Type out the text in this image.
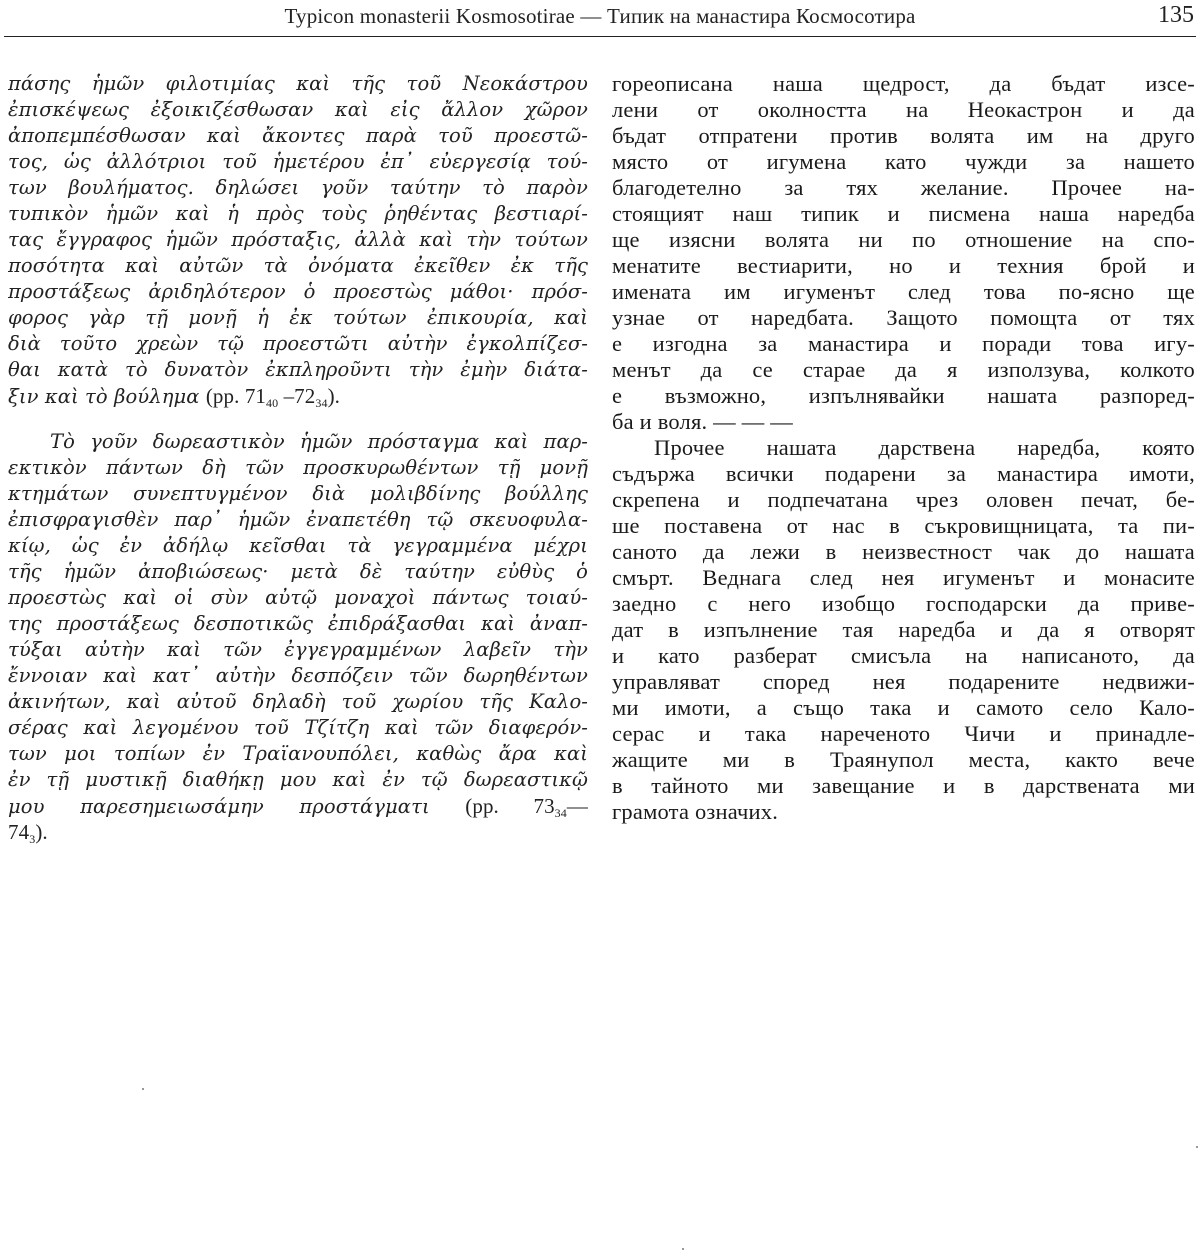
Typicon monasterii Kosmosotirae — Типик на манастира Космосотира	135
πάσης ἡμῶν φιλοτιμίας καὶ τῆς τοῦ Νεοκάστρου
ἐπισκέψεως ἐξοικιζέσθωσαν καὶ εἰς ἄλλον χῶρον
ἀποπεμπέσθωσαν καὶ ἄκοντες παρὰ τοῦ προεστῶ-
τος, ὡς ἀλλότριοι τοῦ ἡμετέρου ἐπ᾿ εὐεργεσίᾳ τού-
των βουλήματος. δηλώσει γοῦν ταύτην τὸ παρὸν
τυπικὸν ἡμῶν καὶ ἡ πρὸς τοὺς ῥηθέντας βεστιαρί-
τας ἔγγραφος ἡμῶν πρόσταξις, ἀλλὰ καὶ τὴν τούτων
ποσότητα καὶ αὐτῶν τὰ ὀνόματα ἐκεῖθεν ἐκ τῆς
προστάξεως ἀριδηλότερον ὁ προεστὼς μάθοι· πρόσ-
φορος γὰρ τῇ μονῇ ἡ ἐκ τούτων ἐπικουρία, καὶ
διὰ τοῦτο χρεὼν τῷ προεστῶτι αὐτὴν ἐγκολπίζεσ-
θαι κατὰ τὸ δυνατὸν ἐκπληροῦντι τὴν ἐμὴν διάτα-
ξιν καὶ τὸ βούλημα (pp. $71_{40}$ $-72_{34}$).
Τὸ γοῦν δωρεαστικὸν ἡμῶν πρόσταγμα καὶ παρ-
εκτικὸν πάντων δὴ τῶν προσκυρωθέντων τῇ μονῇ
κτημάτων συνεπτυγμένον διὰ μολιβδίνης βούλλης
ἐπισφραγισθὲν παρ᾿ ἡμῶν ἐναπετέθη τῷ σκευοφυλα-
κίῳ, ὡς ἐν ἀδήλῳ κεῖσθαι τὰ γεγραμμένα μέχρι
τῆς ἡμῶν ἀποβιώσεως· μετὰ δὲ ταύτην εὐθὺς ὁ
προεστὼς καὶ οἱ σὺν αὐτῷ μοναχοὶ πάντως τοιαύ-
της προστάξεως δεσποτικῶς ἐπιδράξασθαι καὶ ἀναπ-
τύξαι αὐτὴν καὶ τῶν ἐγγεγραμμένων λαβεῖν τὴν
ἔννοιαν καὶ κατ᾿ αὐτὴν δεσπόζειν τῶν δωρηθέντων
ἀκινήτων, καὶ αὐτοῦ δηλαδὴ τοῦ χωρίου τῆς Καλο-
σέρας καὶ λεγομένου τοῦ Τζίτζη καὶ τῶν διαφερόν-
των μοι τοπίων ἐν Τραϊανουπόλει, καθὼς ἄρα καὶ
ἐν τῇ μυστικῇ διαθήκῃ μου καὶ ἐν τῷ δωρεαστικῷ
μου παρεσημειωσάμην προστάγματι (pp. $73_{34}—$
$74_3$).
гореописана наша щедрост, да бъдат изсе-
лени от околността на Неокастрон и да
бъдат отпратени против волята им на друго
място от игумена като чужди за нашето
благодетелно за тях желание. Прочее на-
стоящият наш типик и писмена наша наредба
ще изясни волята ни по отношение на спо-
менатите вестиарити, но и техния брой и
имената им игуменът след това по-ясно ще
узнае от наредбата. Защото помощта от тях
е изгодна за манастира и поради това игу-
менът да се старае да я използува, колкото
е възможно, изпълнявайки нашата разпоред-
ба и воля. — — —
Прочее нашата дарствена наредба, която
съдържа всички подарени за манастира имоти,
скрепена и подпечатана чрез оловен печат, бе-
ше поставена от нас в съкровищницата, та пи-
саното да лежи в неизвестност чак до нашата
смърт. Веднага след нея игуменът и монасите
заедно с него изобщо господарски да приве-
дат в изпълнение тая наредба и да я отворят
и като разберат смисъла на написаното, да
управляват според нея подарените недвижи-
ми имоти, а също така и самото село Кало-
серас и така нареченото Чичи и принадле-
жащите ми в Траянупол места, както вече
в тайното ми завещание и в дарствената ми
грамота означих.
